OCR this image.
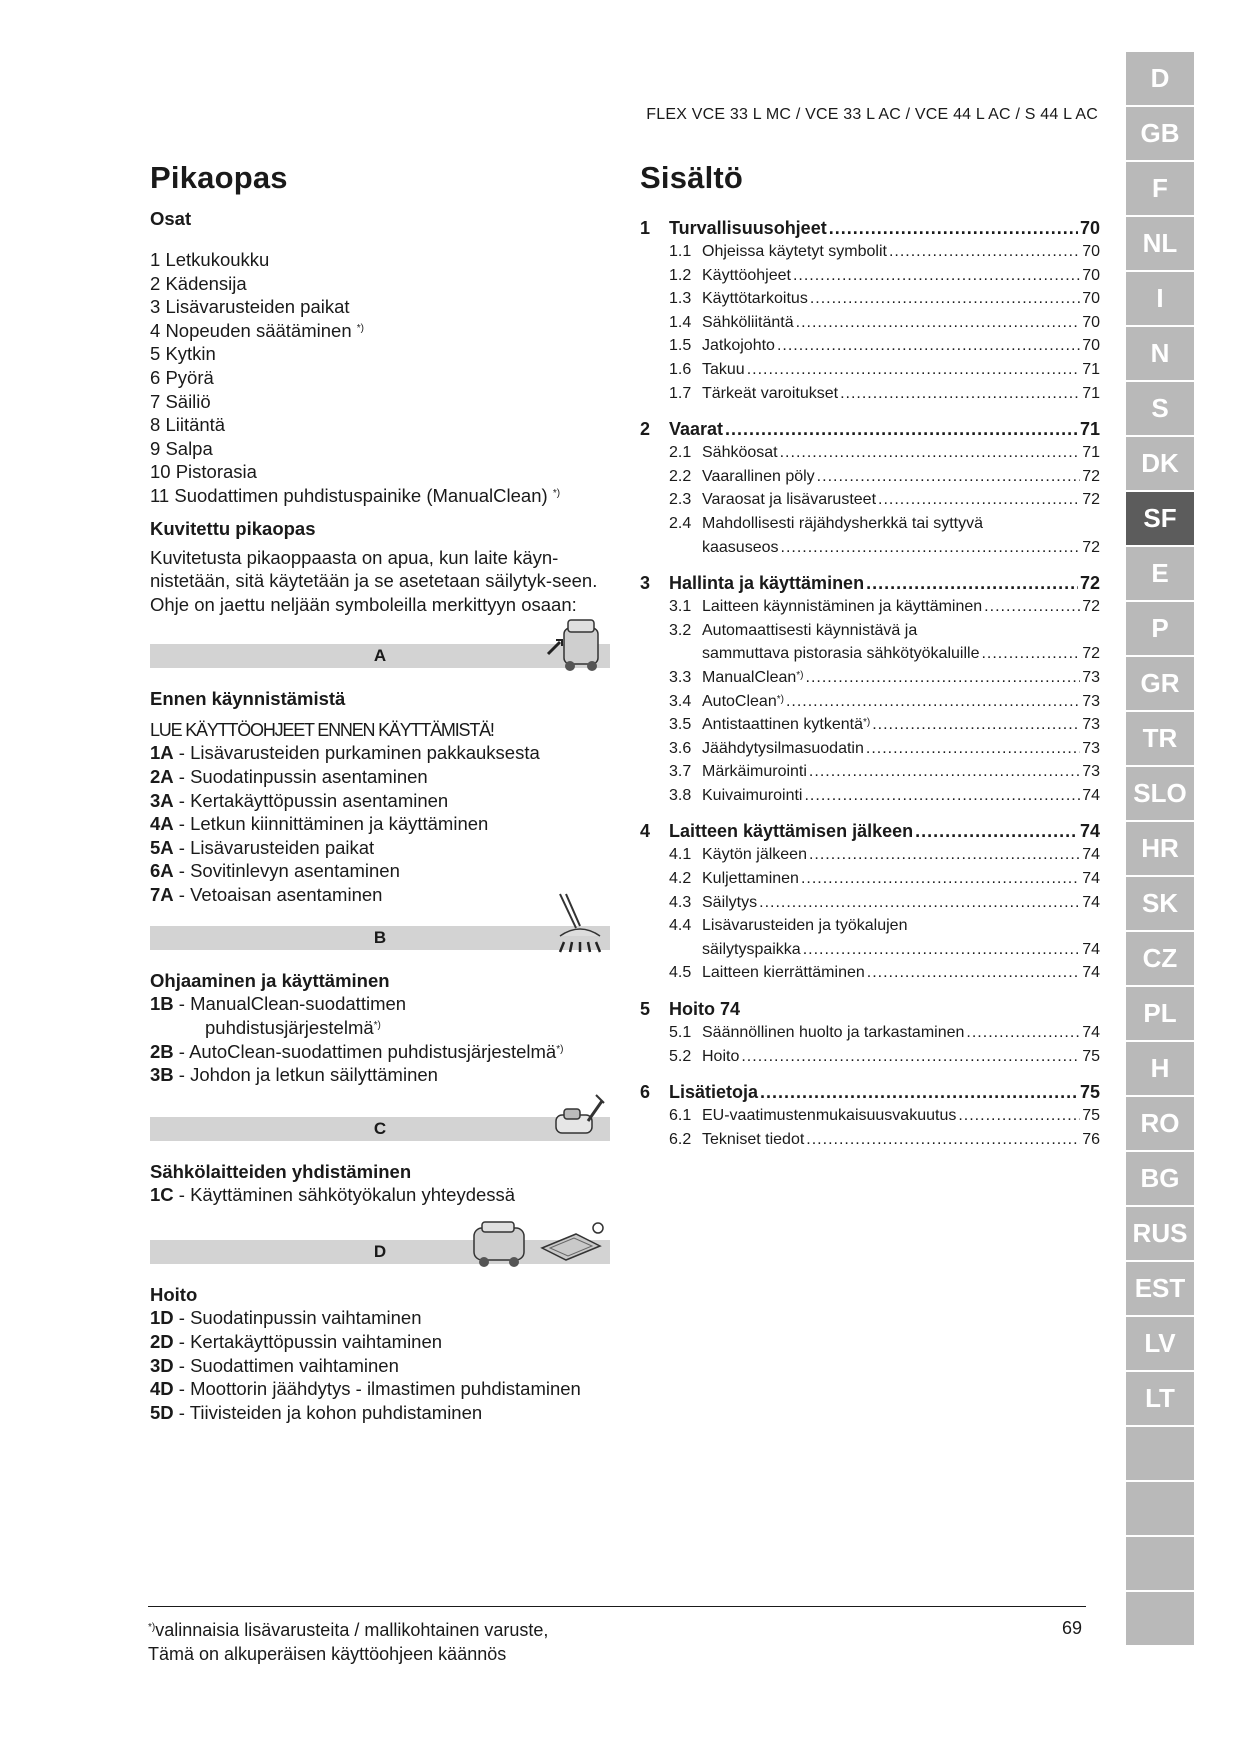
FLEX VCE 33 L MC / VCE 33 L AC / VCE 44 L AC / S 44 L AC
Pikaopas
Osat
1 Letkukoukku
2 Kädensija
3 Lisävarusteiden paikat
4 Nopeuden säätäminen *)
5 Kytkin
6 Pyörä
7 Säiliö
8 Liitäntä
9 Salpa
10 Pistorasia
11 Suodattimen puhdistuspainike (ManualClean) *)
Kuvitettu pikaopas
Kuvitetusta pikaoppaasta on apua, kun laite käyn-nistetään, sitä käytetään ja se asetetaan säilytyk-seen. Ohje on jaettu neljään symboleilla merkittyyn osaan:
A
Ennen käynnistämistä
LUE KÄYTTÖOHJEET ENNEN KÄYTTÄMISTÄ!
1A - Lisävarusteiden purkaminen pakkauksesta
2A - Suodatinpussin asentaminen
3A - Kertakäyttöpussin asentaminen
4A - Letkun kiinnittäminen ja käyttäminen
5A - Lisävarusteiden paikat
6A - Sovitinlevyn asentaminen
7A - Vetoaisan asentaminen
B
Ohjaaminen ja käyttäminen
1B - ManualClean-suodattimen
puhdistusjärjestelmä*)
2B - AutoClean-suodattimen puhdistusjärjestelmä*)
3B - Johdon ja letkun säilyttäminen
C
Sähkölaitteiden yhdistäminen
1C - Käyttäminen sähkötyökalun yhteydessä
D
Hoito
1D - Suodatinpussin vaihtaminen
2D - Kertakäyttöpussin vaihtaminen
3D - Suodattimen vaihtaminen
4D - Moottorin jäähdytys - ilmastimen puhdistaminen
5D - Tiivisteiden ja kohon puhdistaminen
Sisältö
1	Turvallisuusohjeet .....	70
1.1 Ohjeissa käytetyt symbolit .....	70
1.2 Käyttöohjeet .....	70
1.3 Käyttötarkoitus .....	70
1.4 Sähköliitäntä .....	70
1.5 Jatkojohto .....	70
1.6 Takuu .....	71
1.7 Tärkeät varoitukset .....	71
2	Vaarat .....	71
2.1 Sähköosat .....	71
2.2 Vaarallinen pöly .....	72
2.3 Varaosat ja lisävarusteet .....	72
2.4 Mahdollisesti räjähdysherkkä tai syttyvä
kaasuseos .....	72
3	Hallinta ja käyttäminen .....	72
3.1 Laitteen käynnistäminen ja käyttäminen .....	72
3.2 Automaattisesti käynnistävä ja
sammuttava pistorasia sähkötyökaluille .....	72
3.3 ManualClean*) .....	73
3.4 AutoClean*) .....	73
3.5 Antistaattinen kytkentä*) .....	73
3.6 Jäähdytysilmasuodatin .....	73
3.7 Märkäimurointi .....	73
3.8 Kuivaimurointi .....	74
4	Laitteen käyttämisen jälkeen .....	74
4.1 Käytön jälkeen .....	74
4.2 Kuljettaminen .....	74
4.3 Säilytys .....	74
4.4 Lisävarusteiden ja työkalujen
säilytyspaikka .....	74
4.5 Laitteen kierrättäminen .....	74
5	Hoito 74
5.1 Säännöllinen huolto ja tarkastaminen .....	74
5.2 Hoito .....	75
6	Lisätietoja .....	75
6.1 EU-vaatimustenmukaisuusvakuutus .....	75
6.2 Tekniset tiedot .....	76
D
GB
F
NL
I
N
S
DK
SF
E
P
GR
TR
SLO
HR
SK
CZ
PL
H
RO
BG
RUS
EST
LV
LT
*)valinnaisia lisävarusteita / mallikohtainen varuste,
Tämä on alkuperäisen käyttöohjeen käännös
69
